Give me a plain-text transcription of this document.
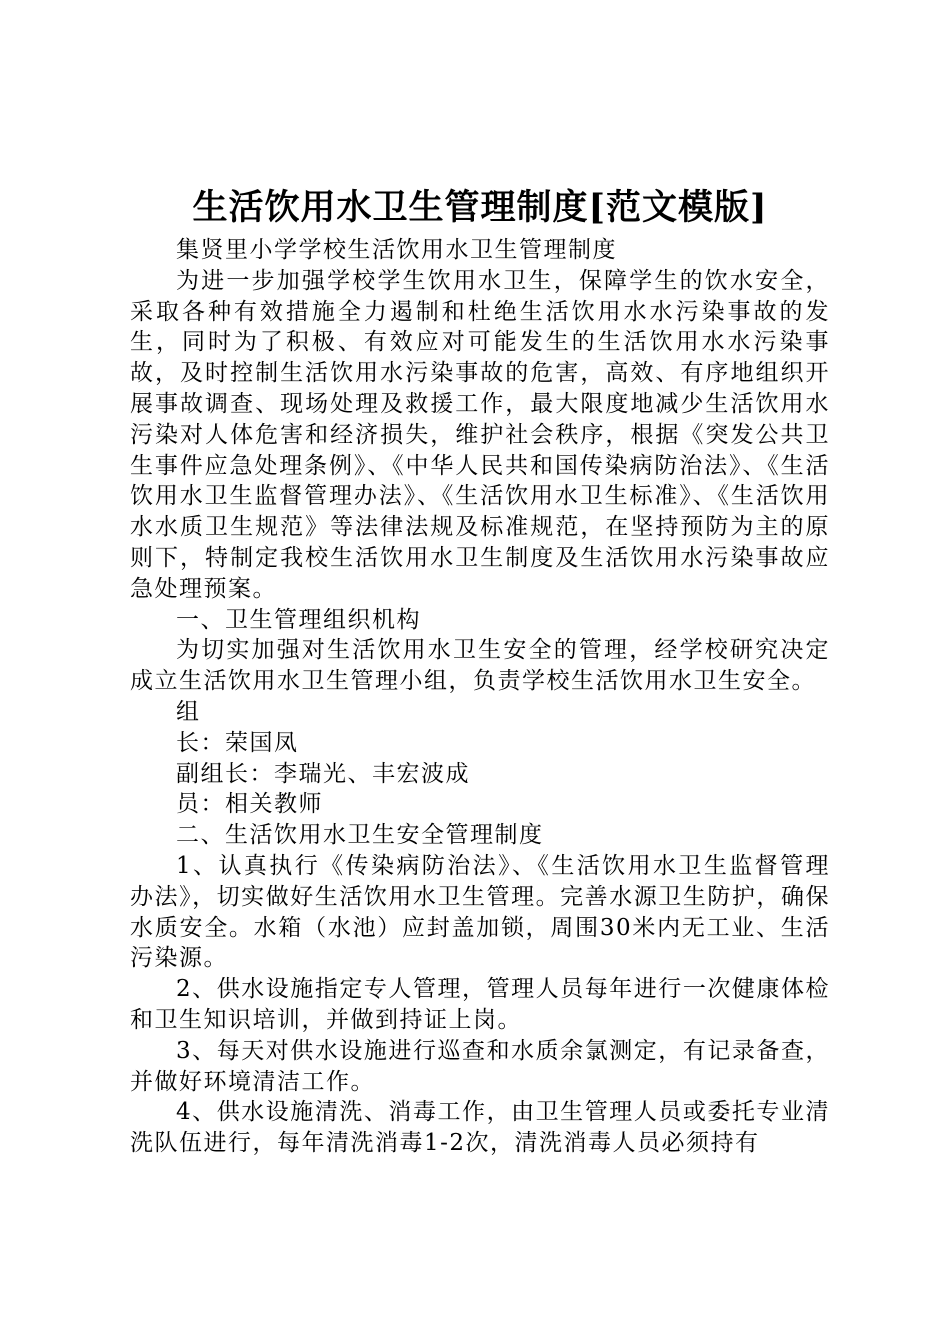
生活饮用水卫生管理制度[范文模版]

集贤里小学学校生活饮用水卫生管理制度

为进一步加强学校学生饮用水卫生，保障学生的饮水安全，采取各种有效措施全力遏制和杜绝生活饮用水水污染事故的发生，同时为了积极、有效应对可能发生的生活饮用水水污染事故，及时控制生活饮用水污染事故的危害，高效、有序地组织开展事故调查、现场处理及救援工作，最大限度地减少生活饮用水污染对人体危害和经济损失，维护社会秩序，根据《突发公共卫生事件应急处理条例》、《中华人民共和国传染病防治法》、《生活饮用水卫生监督管理办法》、《生活饮用水卫生标准》、《生活饮用水水质卫生规范》等法律法规及标准规范，在坚持预防为主的原则下，特制定我校生活饮用水卫生制度及生活饮用水污染事故应急处理预案。

一、卫生管理组织机构

为切实加强对生活饮用水卫生安全的管理，经学校研究决定成立生活饮用水卫生管理小组，负责学校生活饮用水卫生安全。

组

长：荣国凤

副组长：李瑞光、丰宏波成

员：相关教师

二、生活饮用水卫生安全管理制度

1、认真执行《传染病防治法》、《生活饮用水卫生监督管理办法》，切实做好生活饮用水卫生管理。完善水源卫生防护，确保水质安全。水箱（水池）应封盖加锁，周围30米内无工业、生活污染源。

2、供水设施指定专人管理，管理人员每年进行一次健康体检和卫生知识培训，并做到持证上岗。

3、每天对供水设施进行巡查和水质余氯测定，有记录备查，并做好环境清洁工作。

4、供水设施清洗、消毒工作，由卫生管理人员或委托专业清洗队伍进行，每年清洗消毒1-2次，清洗消毒人员必须持有
